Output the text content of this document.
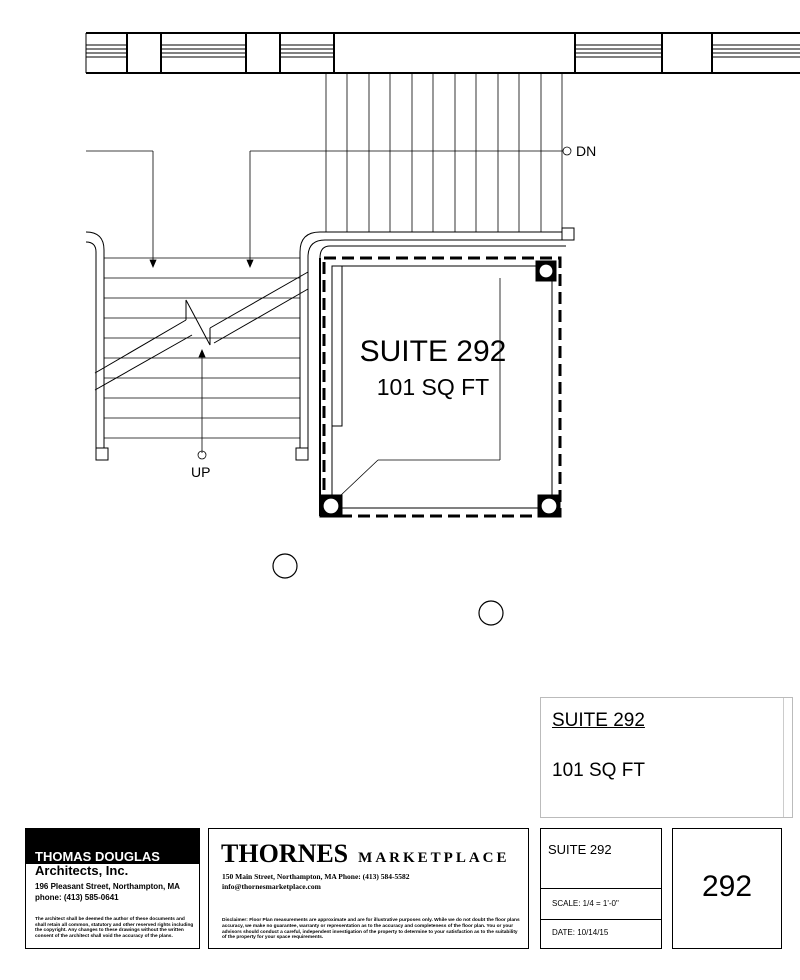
DN
UP
SUITE 292
101 SQ FT
SUITE 292
101 SQ FT
THOMAS DOUGLAS
Architects, Inc.
196 Pleasant Street, Northampton, MA
phone: (413) 585-0641
The architect shall be deemed the author of these documents and shall retain all common, statutory and other reserved rights including the copyright. Any changes to these drawings without the written consent of the architect shall void the accuracy of the plans.
THORNES MARKETPLACE
150 Main Street, Northampton, MA Phone: (413) 584-5582
info@thornesmarketplace.com
Disclaimer: Floor Plan measurements are approximate and are for illustrative purposes only. While we do not doubt the floor plans accuracy, we make no guarantee, warranty or representation as to the accuracy and completeness of the floor plan. You or your advisors should conduct a careful, independent investigation of the property to determine to your satisfaction as to the suitability of the property for your space requirements.
SUITE 292
SCALE: 1/4 = 1'-0"
DATE: 10/14/15
292
